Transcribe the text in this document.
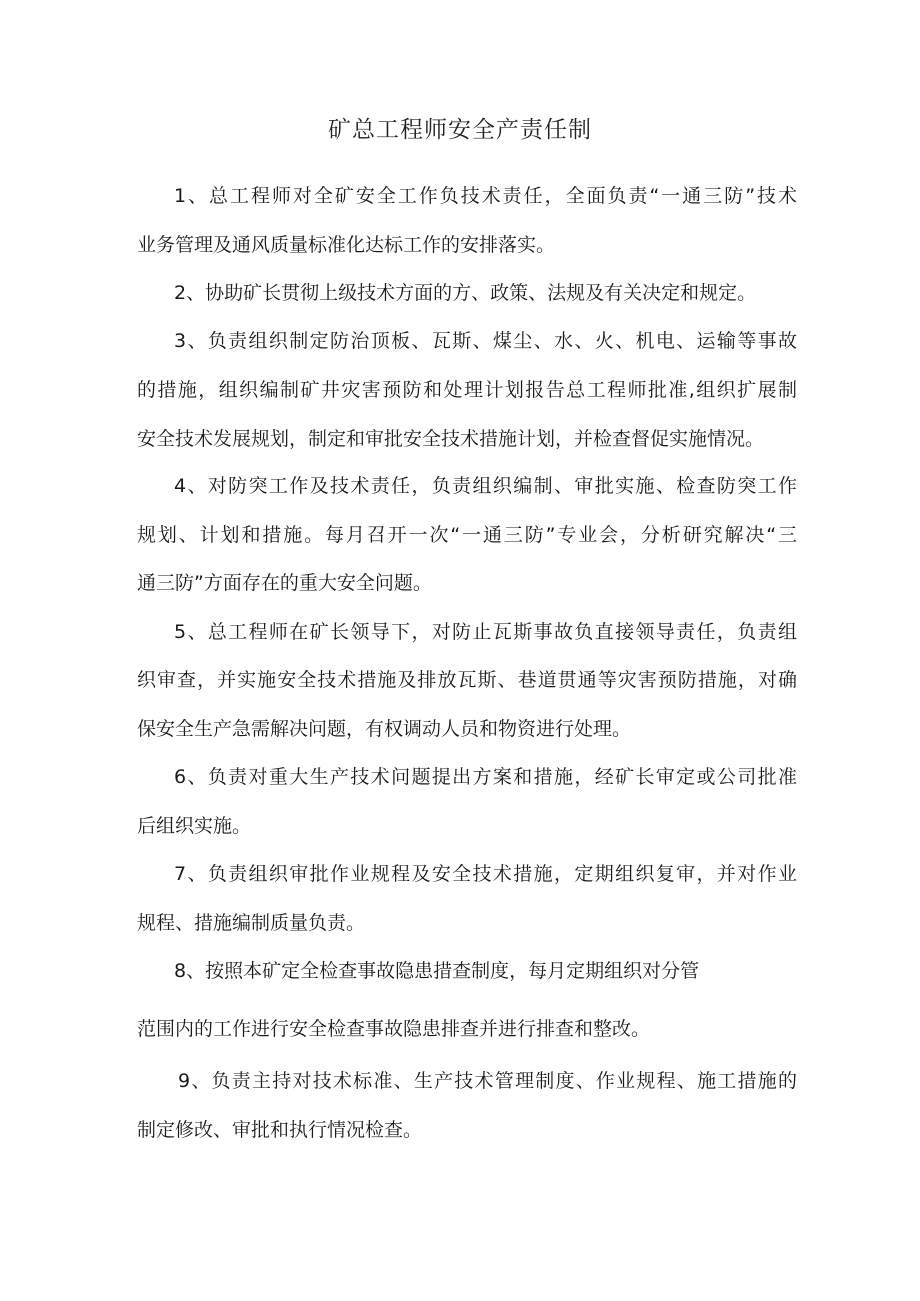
矿总工程师安全产责任制
1、总工程师对全矿安全工作负技术责任，全面负责“一通三防”技术
业务管理及通风质量标准化达标工作的安排落实。
2、协助矿长贯彻上级技术方面的方、政策、法规及有关决定和规定。
3、负责组织制定防治顶板、瓦斯、煤尘、水、火、机电、运输等事故
的措施，组织编制矿井灾害预防和处理计划报告总工程师批准,组织扩展制
安全技术发展规划，制定和审批安全技术措施计划，并检查督促实施情况。
4、对防突工作及技术责任，负责组织编制、审批实施、检查防突工作
规划、计划和措施。每月召开一次“一通三防”专业会，分析研究解决“三
通三防”方面存在的重大安全问题。
5、总工程师在矿长领导下，对防止瓦斯事故负直接领导责任，负责组
织审查，并实施安全技术措施及排放瓦斯、巷道贯通等灾害预防措施，对确
保安全生产急需解决问题，有权调动人员和物资进行处理。
6、负责对重大生产技术问题提出方案和措施，经矿长审定或公司批准
后组织实施。
7、负责组织审批作业规程及安全技术措施，定期组织复审，并对作业
规程、措施编制质量负责。
8、按照本矿定全检查事故隐患措查制度，每月定期组织对分管
范围内的工作进行安全检查事故隐患排查并进行排查和整改。
9、负责主持对技术标准、生产技术管理制度、作业规程、施工措施的
制定修改、审批和执行情况检查。
